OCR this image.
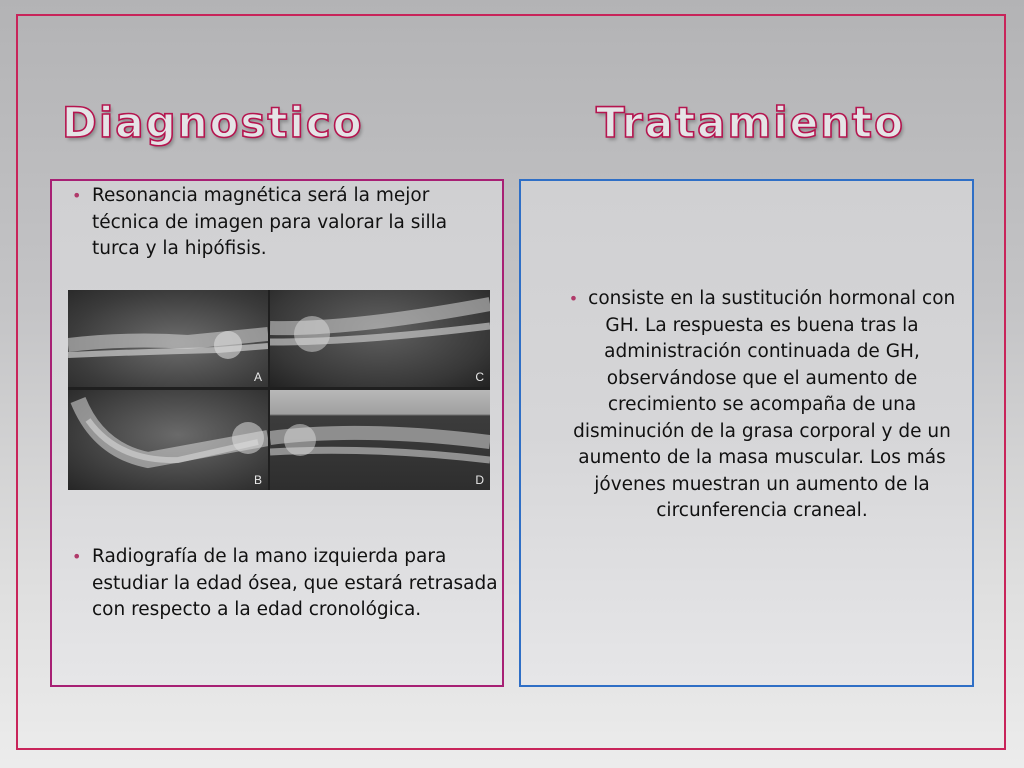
Diagnostico	Tratamiento
• Resonancia magnética será la mejor técnica de imagen para valorar la silla turca y la hipófisis.
A
B
C
D
• Radiografía de la mano izquierda para estudiar la edad ósea, que estará retrasada con respecto a la edad cronológica.
• consiste en la sustitución hormonal con GH. La respuesta es buena tras la administración continuada de GH, observándose que el aumento de crecimiento se acompaña de una disminución de la grasa corporal y de un aumento de la masa muscular. Los más jóvenes muestran un aumento de la circunferencia craneal.
